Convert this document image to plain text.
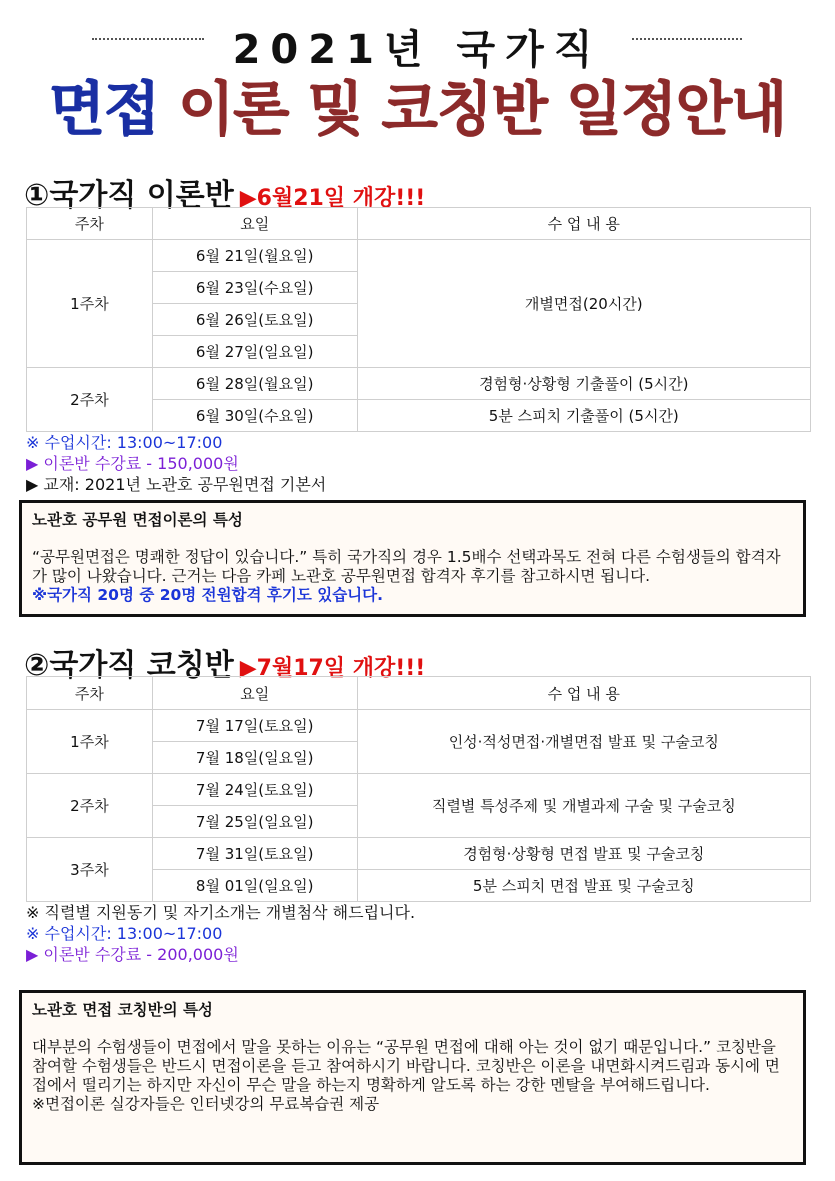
2021년 국가직
면접 이론 및 코칭반 일정안내
①국가직 이론반 ▶6월21일 개강!!!
주차	요일	수 업 내 용
1주차	6월 21일(월요일)	개별면접(20시간)
	6월 23일(수요일)	
	6월 26일(토요일)	
	6월 27일(일요일)	
2주차	6월 28일(월요일)	경험형·상황형 기출풀이 (5시간)
	6월 30일(수요일)	5분 스피치 기출풀이 (5시간)
※ 수업시간: 13:00~17:00
▶ 이론반 수강료 - 150,000원
▶ 교재: 2021년 노관호 공무원면접 기본서
노관호 공무원 면접이론의 특성
“공무원면접은 명쾌한 정답이 있습니다.” 특히 국가직의 경우 1.5배수 선택과목도 전혀 다른 수험생들의 합격자가 많이 나왔습니다. 근거는 다음 카페 노관호 공무원면접 합격자 후기를 참고하시면 됩니다.
※국가직 20명 중 20명 전원합격 후기도 있습니다.
②국가직 코칭반 ▶7월17일 개강!!!
주차	요일	수 업 내 용
1주차	7월 17일(토요일)	인성·적성면접·개별면접 발표 및 구술코칭
	7월 18일(일요일)	
2주차	7월 24일(토요일)	직렬별 특성주제 및 개별과제 구술 및 구술코칭
	7월 25일(일요일)	
3주차	7월 31일(토요일)	경험형·상황형 면접 발표 및 구술코칭
	8월 01일(일요일)	5분 스피치 면접 발표 및 구술코칭
※ 직렬별 지원동기 및 자기소개는 개별첨삭 해드립니다.
※ 수업시간: 13:00~17:00
▶ 이론반 수강료 - 200,000원
노관호 면접 코칭반의 특성
대부분의 수험생들이 면접에서 말을 못하는 이유는 “공무원 면접에 대해 아는 것이 없기 때문입니다.” 코칭반을 참여할 수험생들은 반드시 면접이론을 듣고 참여하시기 바랍니다. 코칭반은 이론을 내면화시켜드림과 동시에 면접에서 떨리기는 하지만 자신이 무슨 말을 하는지 명확하게 알도록 하는 강한 멘탈을 부여해드립니다.
※면접이론 실강자들은 인터넷강의 무료복습권 제공
